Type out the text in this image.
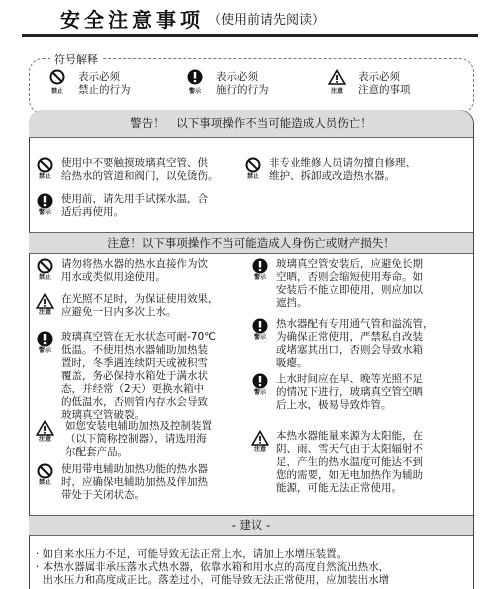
安全注意事项 （使用前请先阅读）
禁止
表示必须
禁止的行为	警示
表示必须
施行的行为	注意
表示必须
注意的事项
符号解释
警告！　以下事项操作不当可能造成人员伤亡！
禁止
使用中不要触摸玻璃真空管、供
给热水的管道和阀门，以免烫伤。	禁止
非专业维修人员请勿擅自修理、
维护、拆卸或改造热水器。
警示
使用前，请先用手试探水温，合
适后再使用。
注意！以下事项操作不当可能造成人身伤亡或财产损失！
禁止
请勿将热水器的热水直接作为饮
用水或类似用途使用。
注意
在光照不足时，为保证使用效果，
应避免一日内多次上水。
警示
玻璃真空管在无水状态可耐-70℃
低温。不使用热水器辅助加热装
置时，冬季遇连续阴天或被积雪
覆盖，务必保持水箱处于满水状
态，并经常（2天）更换水箱中
的低温水，否则管内存水会导致
玻璃真空管破裂。
注意
如您安装电辅助加热及控制装置
（以下简称控制器），请选用海
尔配套产品。
禁止
使用带电辅助加热功能的热水器
时，应确保电辅助加热及伴加热
带处于关闭状态。
警示
玻璃真空管安装后，应避免长期
空晒，否则会缩短使用寿命。如
安装后不能立即使用，则应加以
遮挡。
警示
热水器配有专用通气管和溢流管，
为确保正常使用，严禁私自改装
或堵塞其出口，否则会导致水箱
吸瘪。
警示
上水时间应在早、晚等光照不足
的情况下进行，玻璃真空管空晒
后上水，极易导致炸管。
注意
本热水器能量来源为太阳能，在
阴、雨、雪天气由于太阳辐射不
足，产生的热水温度可能达不到
您的需要，如无电加热作为辅助
能源，可能无法正常使用。
- 建议 -
· 如自来水压力不足，可能导致无法正常上水，请加上水增压装置。
· 本热水器属非承压落水式热水器，依靠水箱和用水点的高度自然流出热水，
出水压力和高度成正比。落差过小，可能导致无法正常使用，应加装出水增
